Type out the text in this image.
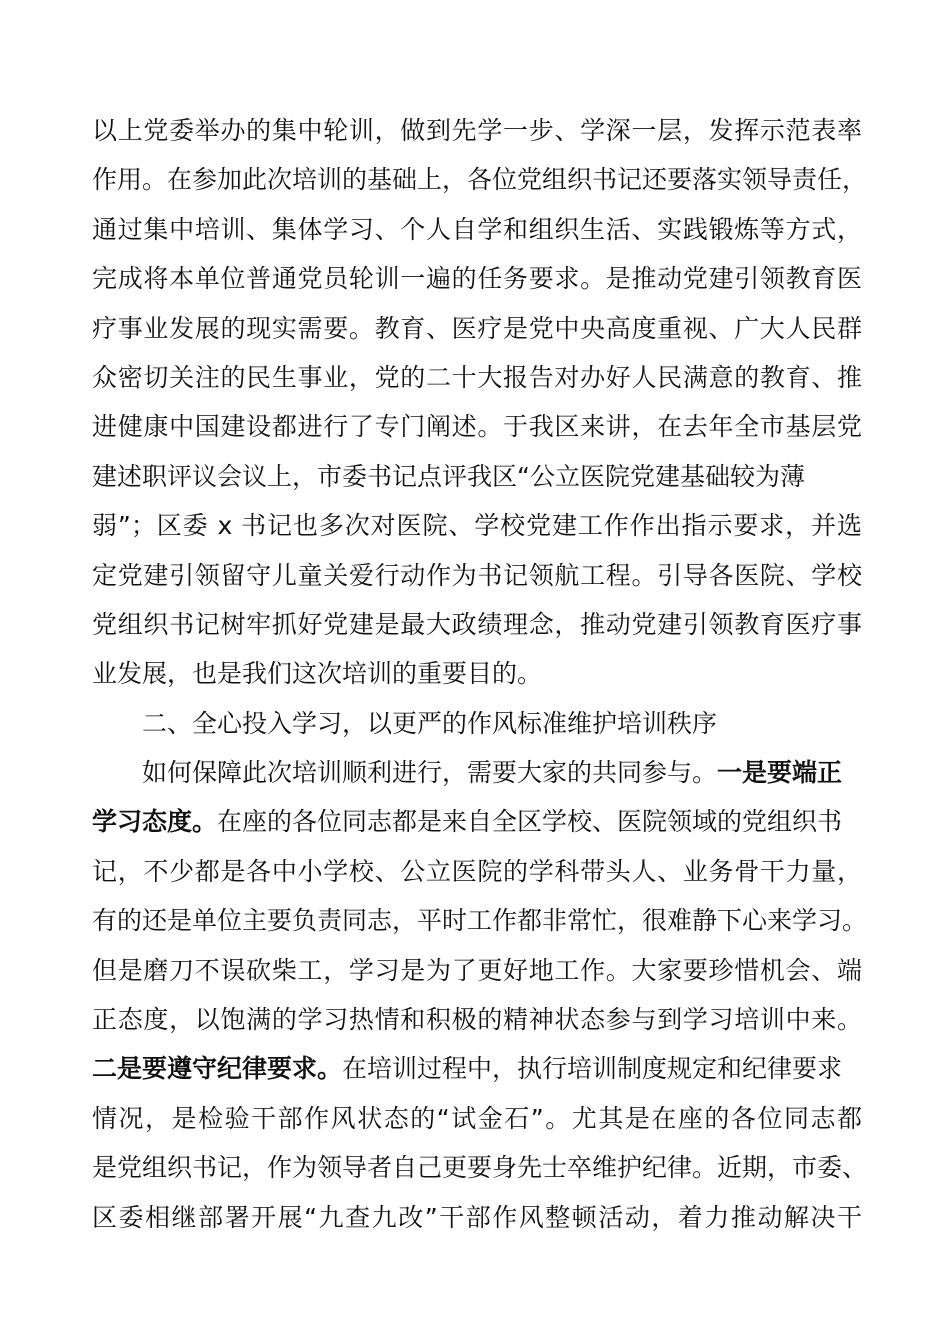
以上党委举办的集中轮训，做到先学一步、学深一层，发挥示范表率
作用。在参加此次培训的基础上，各位党组织书记还要落实领导责任，
通过集中培训、集体学习、个人自学和组织生活、实践锻炼等方式，
完成将本单位普通党员轮训一遍的任务要求。是推动党建引领教育医
疗事业发展的现实需要。教育、医疗是党中央高度重视、广大人民群
众密切关注的民生事业，党的二十大报告对办好人民满意的教育、推
进健康中国建设都进行了专门阐述。于我区来讲，在去年全市基层党
建述职评议会议上，市委书记点评我区“公立医院党建基础较为薄
弱”；区委 x 书记也多次对医院、学校党建工作作出指示要求，并选
定党建引领留守儿童关爱行动作为书记领航工程。引导各医院、学校
党组织书记树牢抓好党建是最大政绩理念，推动党建引领教育医疗事
业发展，也是我们这次培训的重要目的。
二、全心投入学习，以更严的作风标准维护培训秩序
如何保障此次培训顺利进行，需要大家的共同参与。一是要端正
学习态度。在座的各位同志都是来自全区学校、医院领域的党组织书
记，不少都是各中小学校、公立医院的学科带头人、业务骨干力量，
有的还是单位主要负责同志，平时工作都非常忙，很难静下心来学习。
但是磨刀不误砍柴工，学习是为了更好地工作。大家要珍惜机会、端
正态度，以饱满的学习热情和积极的精神状态参与到学习培训中来。
二是要遵守纪律要求。在培训过程中，执行培训制度规定和纪律要求
情况，是检验干部作风状态的“试金石”。尤其是在座的各位同志都
是党组织书记，作为领导者自己更要身先士卒维护纪律。近期，市委、
区委相继部署开展“九查九改”干部作风整顿活动，着力推动解决干
